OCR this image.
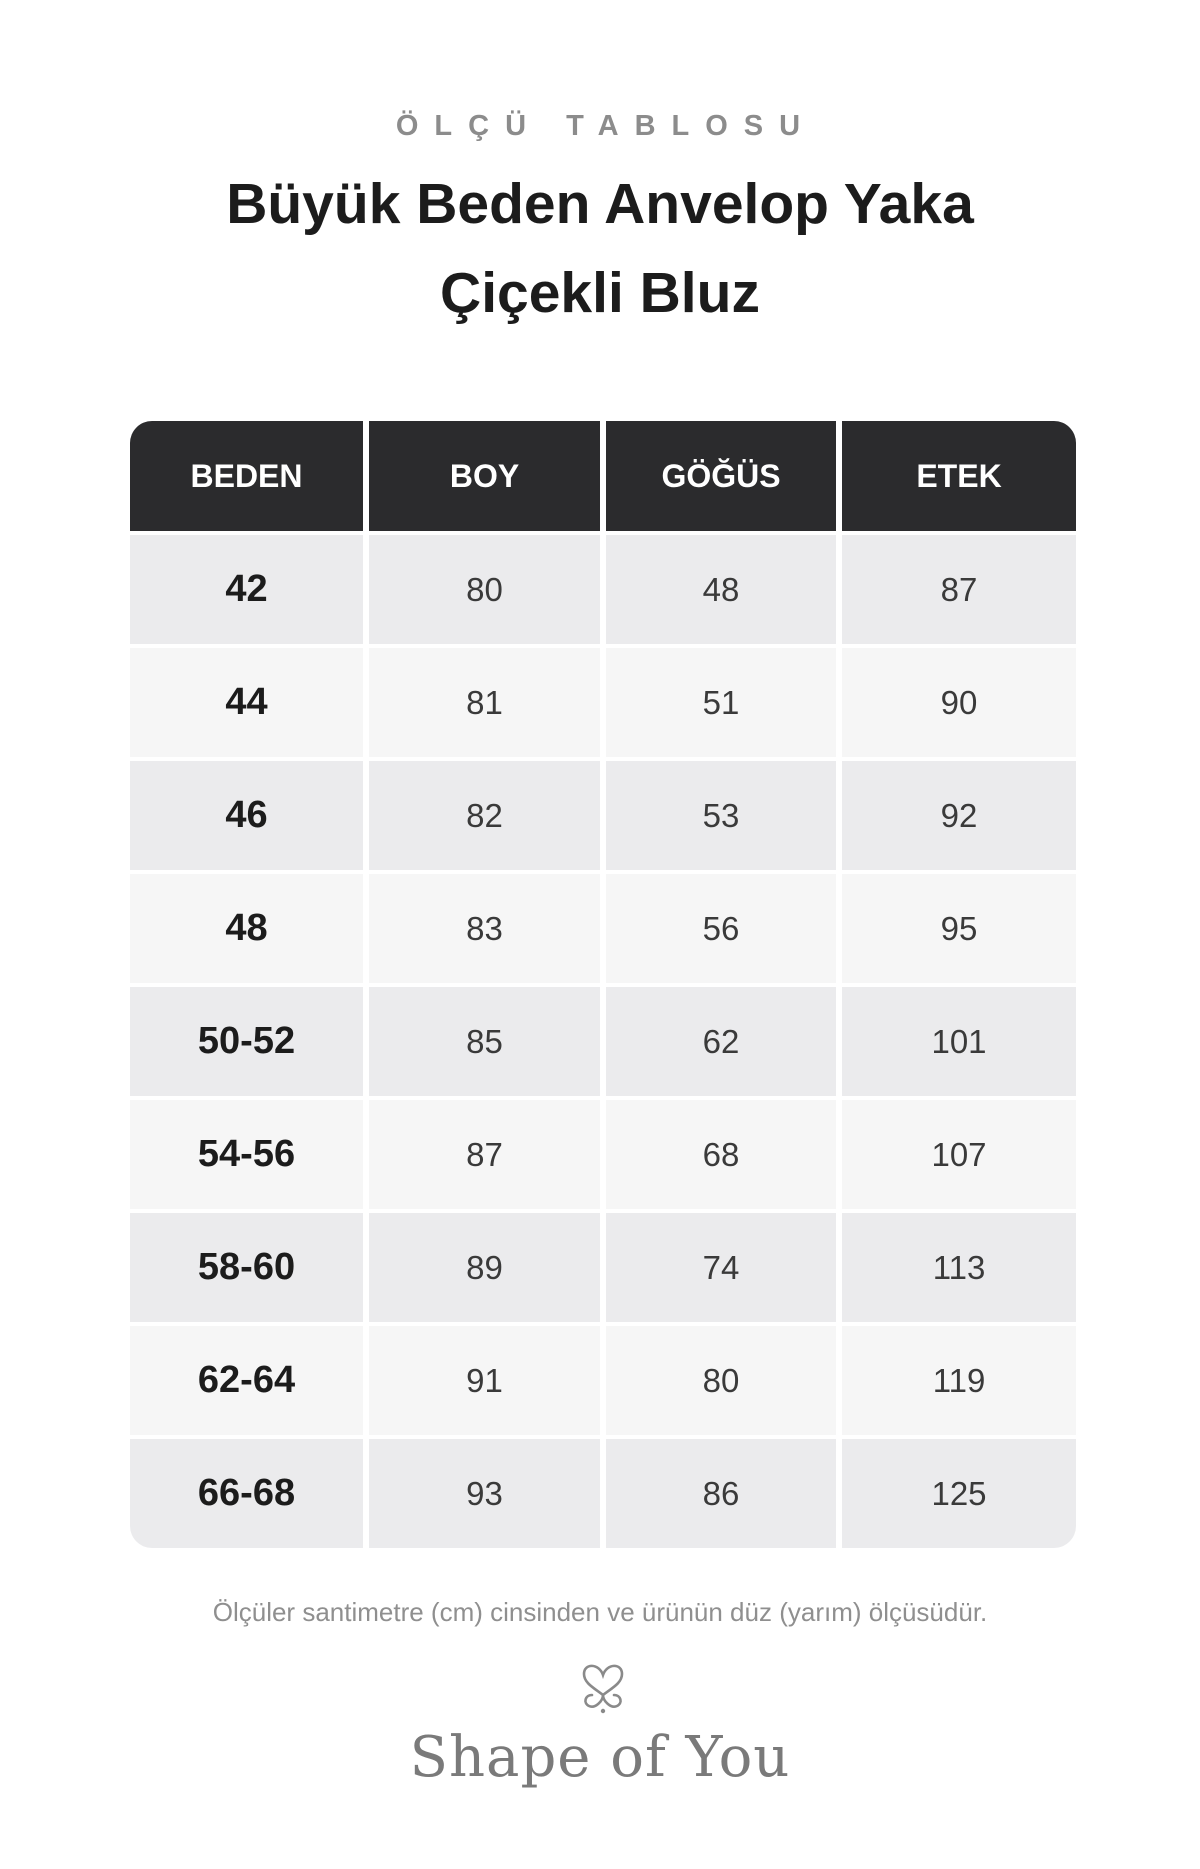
ÖLÇÜ TABLOSU
Büyük Beden Anvelop Yaka Çiçekli Bluz
BEDEN	BOY	GÖĞÜS	ETEK
42	80	48	87
44	81	51	90
46	82	53	92
48	83	56	95
50-52	85	62	101
54-56	87	68	107
58-60	89	74	113
62-64	91	80	119
66-68	93	86	125
Ölçüler santimetre (cm) cinsinden ve ürünün düz (yarım) ölçüsüdür.
Shape of You
